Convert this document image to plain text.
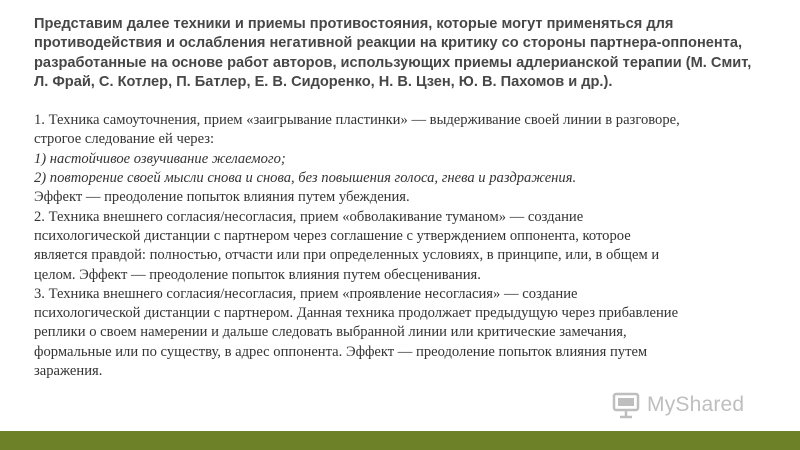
Представим далее техники и приемы противостояния, которые могут применяться для
противодействия и ослабления негативной реакции на критику со стороны партнера-оппонента,
разработанные на основе работ авторов, использующих приемы адлерианской терапии (М. Смит,
Л. Фрай, С. Котлер, П. Батлер, Е. В. Сидоренко, Н. В. Цзен, Ю. В. Пахомов и др.).

1. Техника самоуточнения, прием «заигрывание пластинки» — выдерживание своей линии в разговоре,
строгое следование ей через:
1) настойчивое озвучивание желаемого;
2) повторение своей мысли снова и снова, без повышения голоса, гнева и раздражения.
Эффект — преодоление попыток влияния путем убеждения.
2. Техника внешнего согласия/несогласия, прием «обволакивание туманом» — создание
психологической дистанции с партнером через соглашение с утверждением оппонента, которое
является правдой: полностью, отчасти или при определенных условиях, в принципе, или, в общем и
целом. Эффект — преодоление попыток влияния путем обесценивания.
3. Техника внешнего согласия/несогласия, прием «проявление несогласия» — создание
психологической дистанции с партнером. Данная техника продолжает предыдущую через прибавление
реплики о своем намерении и дальше следовать выбранной линии или критические замечания,
формальные или по существу, в адрес оппонента. Эффект — преодоление попыток влияния путем
заражения.
MyShared
